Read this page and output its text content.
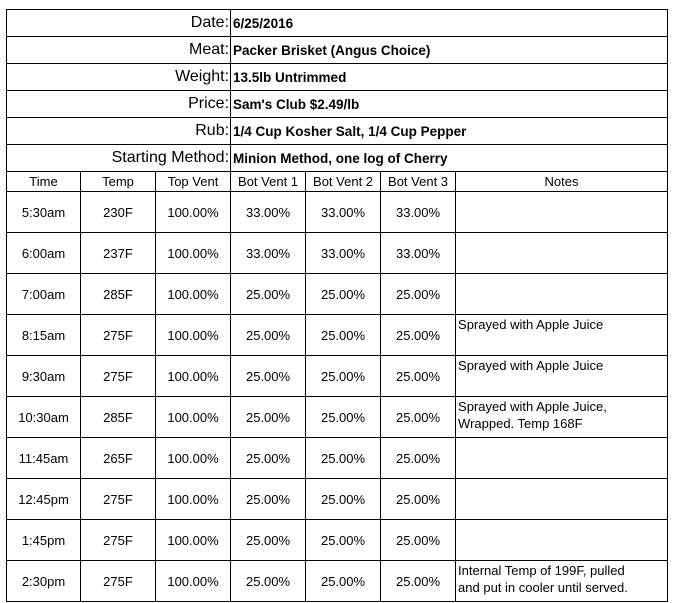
Date:			6/25/2016			
Meat:			Packer Brisket (Angus Choice)			
Weight:			13.5lb Untrimmed			
Price:			Sam's Club $2.49/lb			
Rub:			1/4 Cup Kosher Salt, 1/4 Cup Pepper			
Starting Method:			Minion Method, one log of Cherry			
Time	Temp	Top Vent	Bot Vent 1	Bot Vent 2	Bot Vent 3	Notes
5:30am	230F	100.00%	33.00%	33.00%	33.00%	
6:00am	237F	100.00%	33.00%	33.00%	33.00%	
7:00am	285F	100.00%	25.00%	25.00%	25.00%	
8:15am	275F	100.00%	25.00%	25.00%	25.00%	Sprayed with Apple Juice

9:30am	275F	100.00%	25.00%	25.00%	25.00%	Sprayed with Apple Juice

10:30am	285F	100.00%	25.00%	25.00%	25.00%	Sprayed with Apple Juice,
Wrapped. Temp 168F

11:45am	265F	100.00%	25.00%	25.00%	25.00%	
12:45pm	275F	100.00%	25.00%	25.00%	25.00%	
1:45pm	275F	100.00%	25.00%	25.00%	25.00%	
2:30pm	275F	100.00%	25.00%	25.00%	25.00%	Internal Temp of 199F, pulled
and put in cooler until served.
